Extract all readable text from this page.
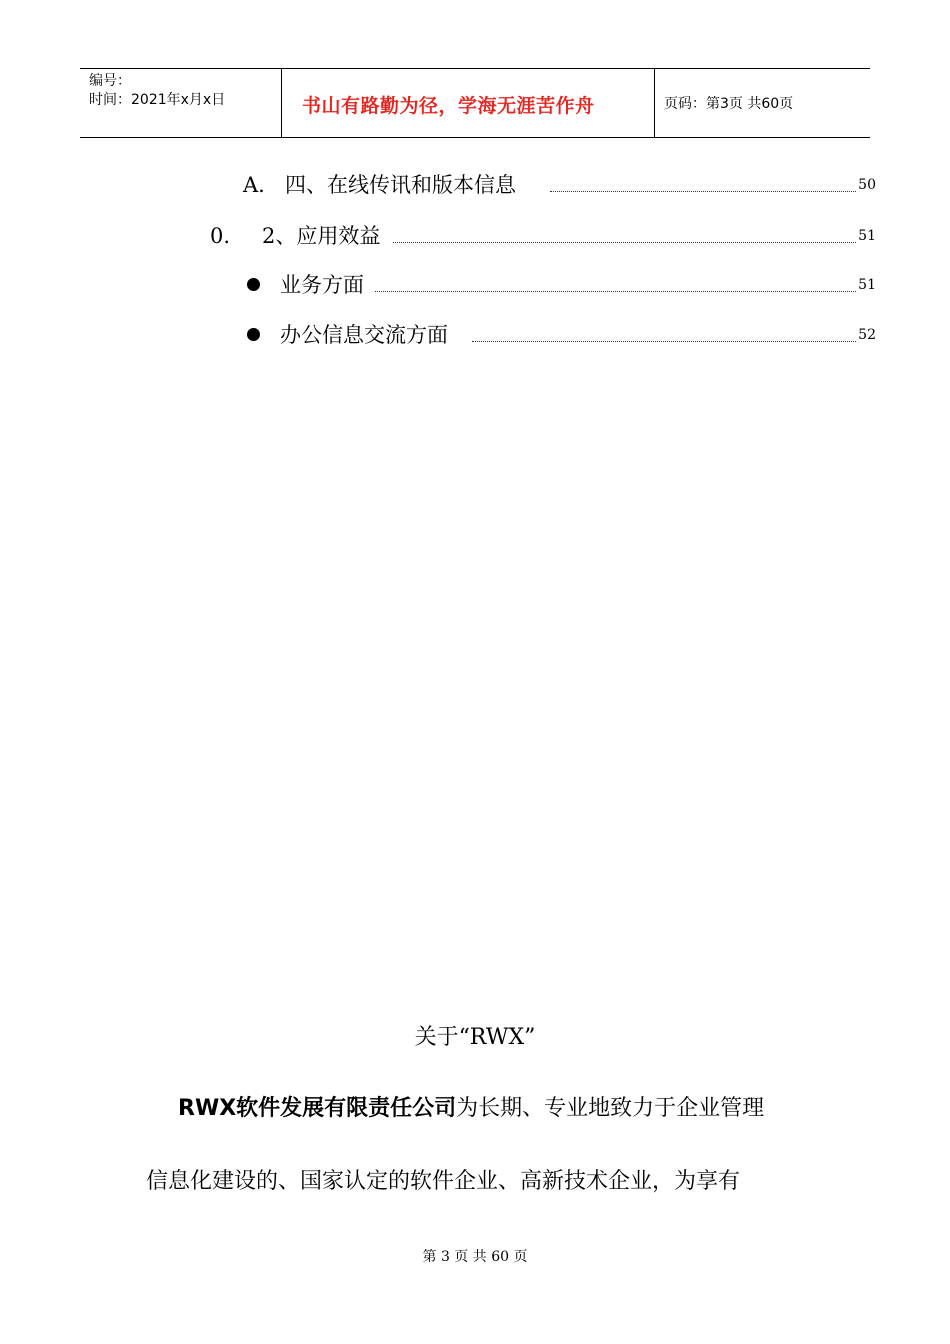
编号：
时间：2021年x月x日	书山有路勤为径，学海无涯苦作舟	页码：第3页 共60页
A. 四、在线传讯和版本信息	50
0. 2、应用效益	51
业务方面	51
办公信息交流方面	52
关于“RWX”
RWX软件发展有限责任公司为长期、专业地致力于企业管理
信息化建设的、国家认定的软件企业、高新技术企业，为享有
第 3 页 共 60 页
